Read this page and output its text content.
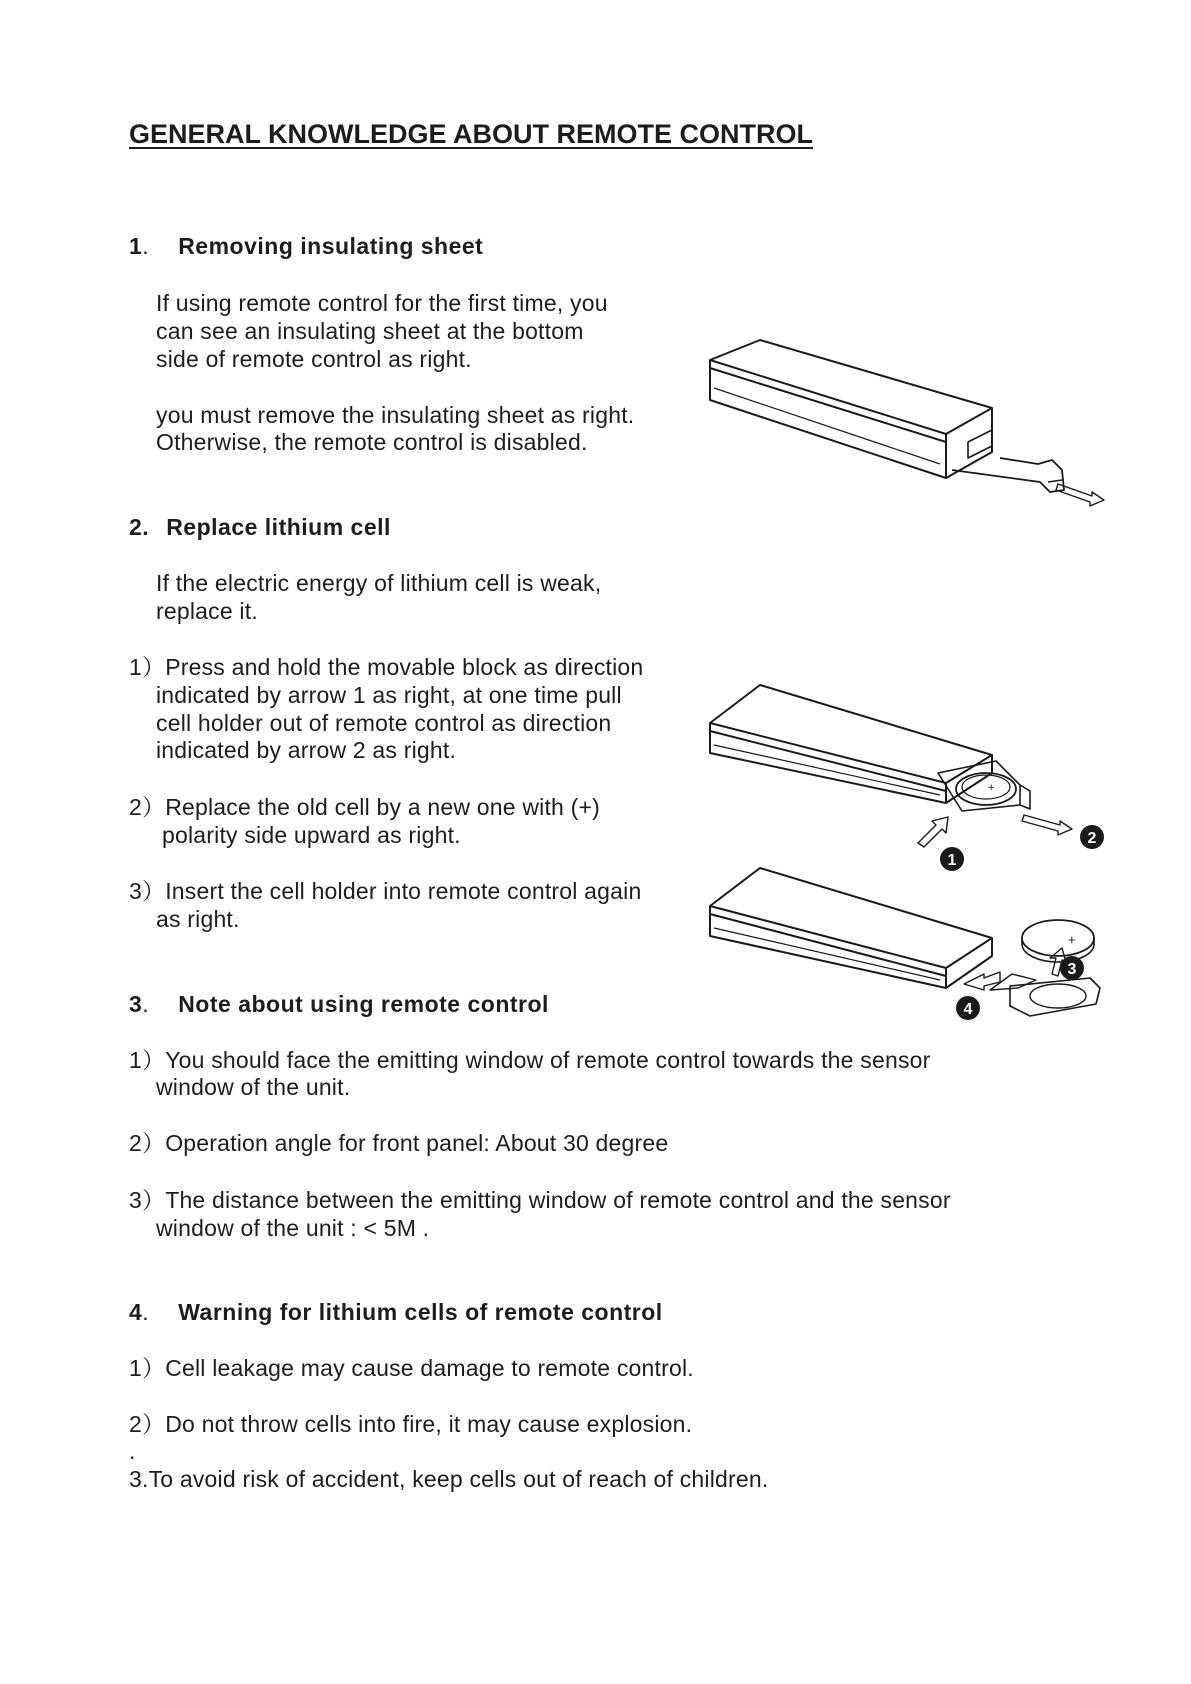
GENERAL KNOWLEDGE ABOUT REMOTE CONTROL
1. Removing insulating sheet
If using remote control for the first time, you
can see an insulating sheet at the bottom
side of remote control as right.
you must remove the insulating sheet as right.
Otherwise, the remote control is disabled.
2. Replace lithium cell
If the electric energy of lithium cell is weak,
replace it.
1）Press and hold the movable block as direction
indicated by arrow 1 as right, at one time pull
cell holder out of remote control as direction
indicated by arrow 2 as right.
2）Replace the old cell by a new one with (+)
polarity side upward as right.
3）Insert the cell holder into remote control again
as right.
3. Note about using remote control
1）You should face the emitting window of remote control towards the sensor
window of the unit.
2）Operation angle for front panel: About 30 degree
3）The distance between the emitting window of remote control and the sensor
window of the unit : < 5M .
4. Warning for lithium cells of remote control
1）Cell leakage may cause damage to remote control.
2）Do not throw cells into fire, it may cause explosion.
.
3.To avoid risk of accident, keep cells out of reach of children.
+
1
2
+
3
4
